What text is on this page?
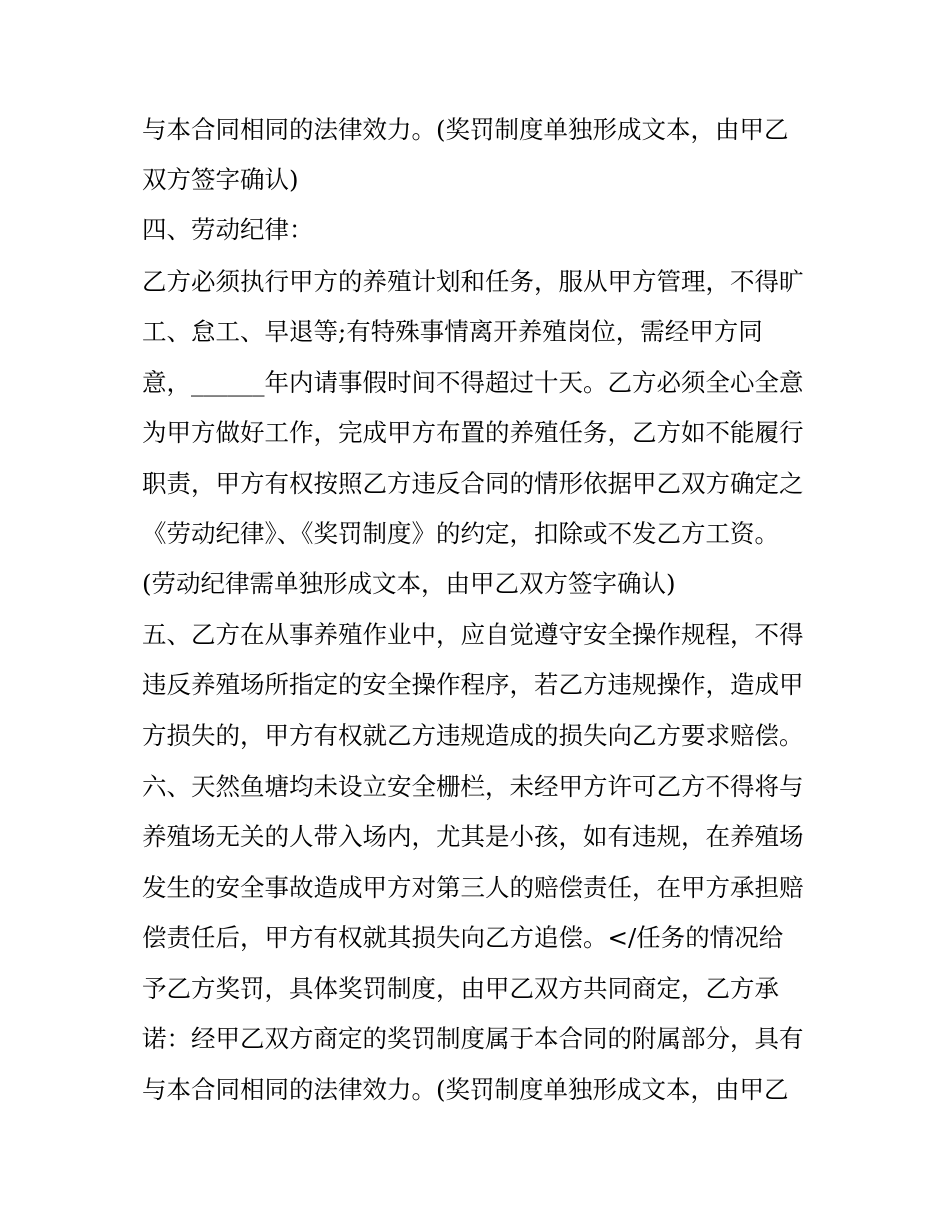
与本合同相同的法律效力。(奖罚制度单独形成文本，由甲乙
双方签字确认)
四、劳动纪律：
乙方必须执行甲方的养殖计划和任务，服从甲方管理，不得旷
工、怠工、早退等;有特殊事情离开养殖岗位，需经甲方同
意，______年内请事假时间不得超过十天。乙方必须全心全意
为甲方做好工作，完成甲方布置的养殖任务，乙方如不能履行
职责，甲方有权按照乙方违反合同的情形依据甲乙双方确定之
《劳动纪律》、《奖罚制度》的约定，扣除或不发乙方工资。
(劳动纪律需单独形成文本，由甲乙双方签字确认)
五、乙方在从事养殖作业中，应自觉遵守安全操作规程，不得
违反养殖场所指定的安全操作程序，若乙方违规操作，造成甲
方损失的，甲方有权就乙方违规造成的损失向乙方要求赔偿。
六、天然鱼塘均未设立安全栅栏，未经甲方许可乙方不得将与
养殖场无关的人带入场内，尤其是小孩，如有违规，在养殖场
发生的安全事故造成甲方对第三人的赔偿责任，在甲方承担赔
偿责任后，甲方有权就其损失向乙方追偿。</任务的情况给
予乙方奖罚，具体奖罚制度，由甲乙双方共同商定，乙方承
诺：经甲乙双方商定的奖罚制度属于本合同的附属部分，具有
与本合同相同的法律效力。(奖罚制度单独形成文本，由甲乙
